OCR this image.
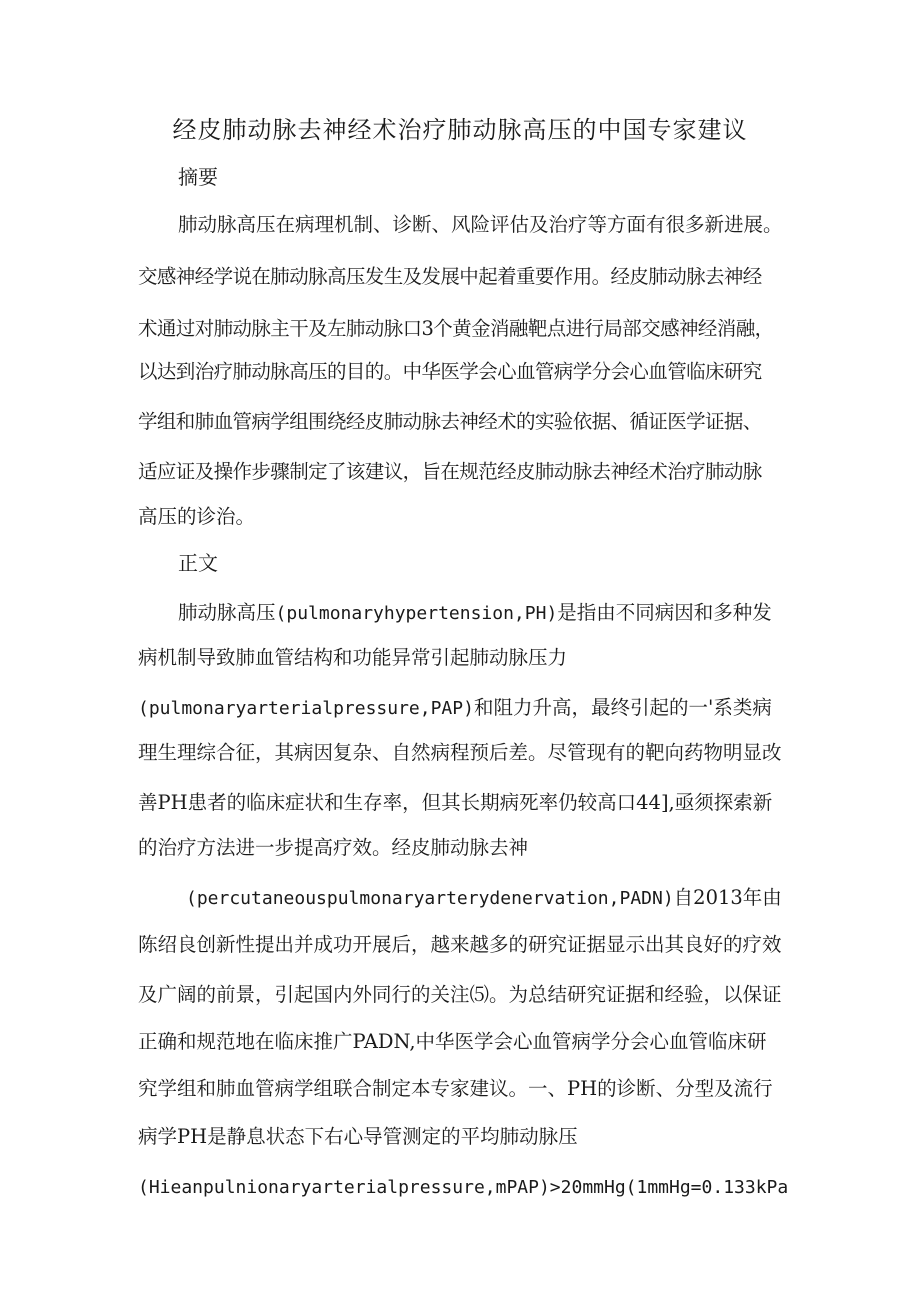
经皮肺动脉去神经术治疗肺动脉高压的中国专家建议
摘要
肺动脉高压在病理机制、诊断、风险评估及治疗等方面有很多新进展。
交感神经学说在肺动脉高压发生及发展中起着重要作用。经皮肺动脉去神经
术通过对肺动脉主干及左肺动脉口3个黄金消融靶点进行局部交感神经消融，
以达到治疗肺动脉高压的目的。中华医学会心血管病学分会心血管临床研究
学组和肺血管病学组围绕经皮肺动脉去神经术的实验依据、循证医学证据、
适应证及操作步骤制定了该建议，旨在规范经皮肺动脉去神经术治疗肺动脉
高压的诊治。
正文
肺动脉高压(pulmonaryhypertension,PH)是指由不同病因和多种发
病机制导致肺血管结构和功能异常引起肺动脉压力
(pulmonaryarterialpressure,PAP)和阻力升高，最终引起的一'系类病
理生理综合征，其病因复杂、自然病程预后差。尽管现有的靶向药物明显改
善PH患者的临床症状和生存率，但其长期病死率仍较高口44],亟须探索新
的治疗方法进一步提高疗效。经皮肺动脉去神
(percutaneouspulmonaryarterydenervation,PADN)自2013年由
陈绍良创新性提出并成功开展后，越来越多的研究证据显示出其良好的疗效
及广阔的前景，引起国内外同行的关注⑸。为总结研究证据和经验，以保证
正确和规范地在临床推广PADN,中华医学会心血管病学分会心血管临床研
究学组和肺血管病学组联合制定本专家建议。一、PH的诊断、分型及流行
病学PH是静息状态下右心导管测定的平均肺动脉压
(Hieanpulnionaryarterialpressure,mPAP)>20mmHg(1mmHg=0.133kPa
